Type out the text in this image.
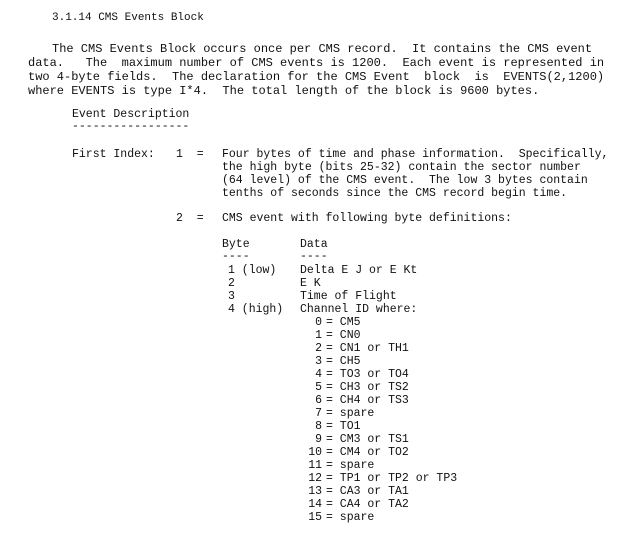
3.1.14 CMS Events Block
The CMS Events Block occurs once per CMS record.  It contains the CMS event
data.   The  maximum number of CMS events is 1200.  Each event is represented in
two 4-byte fields.  The declaration for the CMS Event  block  is  EVENTS(2,1200)
where EVENTS is type I*4.  The total length of the block is 9600 bytes.
Event Description
-----------------
First Index: 1  = Four bytes of time and phase information.  Specifically,
the high byte (bits 25-32) contain the sector number
(64 level) of the CMS event.  The low 3 bytes contain
tenths of seconds since the CMS record begin time.
2  = CMS event with following byte definitions:
Byte	Data
----	----
1 (low) Delta E J or E Kt
2	E K
3	Time of Flight
4 (high) Channel ID where:
0 = CM5
1 = CN0
2 = CN1 or TH1
3 = CH5
4 = TO3 or TO4
5 = CH3 or TS2
6 = CH4 or TS3
7 = spare
8 = TO1
9 = CM3 or TS1
10 = CM4 or TO2
11 = spare
12 = TP1 or TP2 or TP3
13 = CA3 or TA1
14 = CA4 or TA2
15 = spare
